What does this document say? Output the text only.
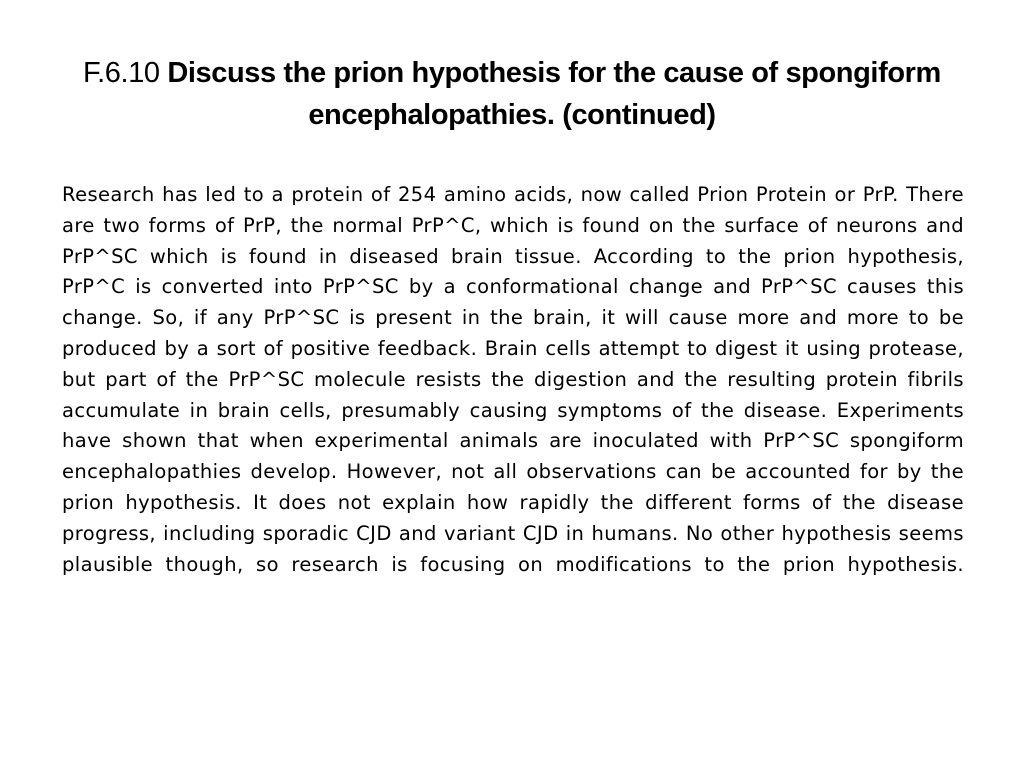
F.6.10 Discuss the prion hypothesis for the cause of spongiform encephalopathies. (continued)

Research has led to a protein of 254 amino acids, now called Prion Protein or PrP. There are two forms of PrP, the normal PrP^C, which is found on the surface of neurons and PrP^SC which is found in diseased brain tissue. According to the prion hypothesis, PrP^C is converted into PrP^SC by a conformational change and PrP^SC causes this change. So, if any PrP^SC is present in the brain, it will cause more and more to be produced by a sort of positive feedback. Brain cells attempt to digest it using protease, but part of the PrP^SC molecule resists the digestion and the resulting protein fibrils accumulate in brain cells, presumably causing symptoms of the disease. Experiments have shown that when experimental animals are inoculated with PrP^SC spongiform encephalopathies develop. However, not all observations can be accounted for by the prion hypothesis. It does not explain how rapidly the different forms of the disease progress, including sporadic CJD and variant CJD in humans. No other hypothesis seems plausible though, so research is focusing on modifications to the prion hypothesis.
